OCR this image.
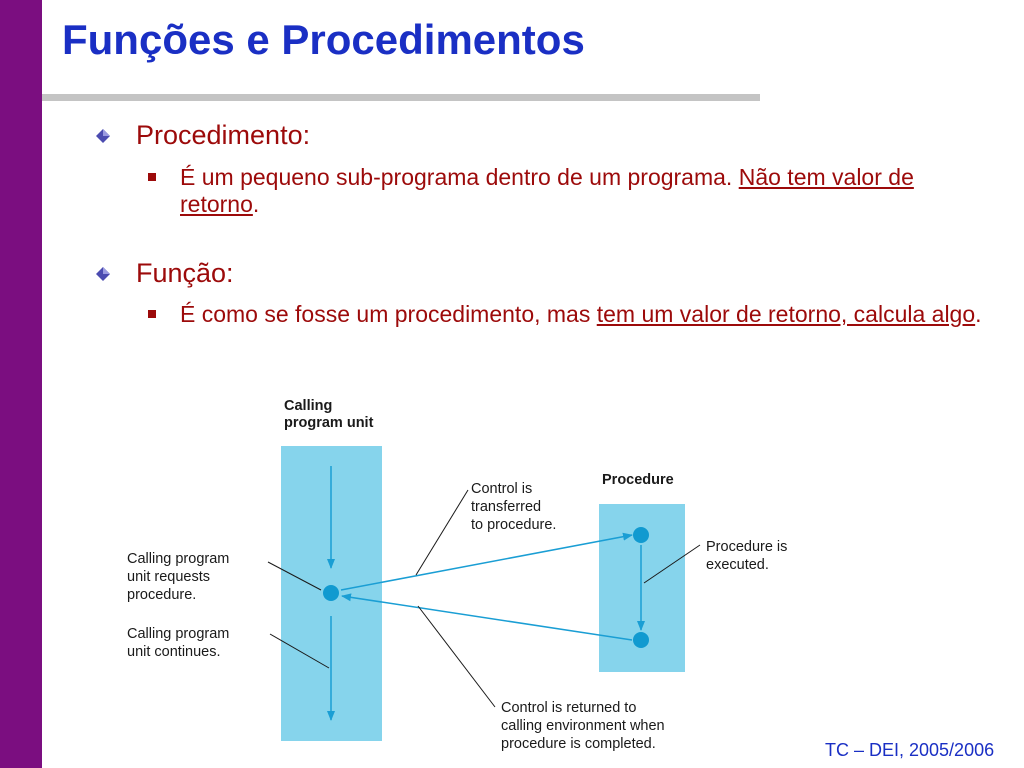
Funções e Procedimentos
Procedimento:
É um pequeno sub-programa dentro de um programa. Não tem valor de retorno.
Função:
É como se fosse um procedimento, mas tem um valor de retorno, calcula algo.
Calling program unit
Procedure
Calling program unit requests procedure.
Calling program unit continues.
Control is transferred to procedure.
Procedure is executed.
Control is returned to calling environment when procedure is completed.	TC – DEI, 2005/2006
